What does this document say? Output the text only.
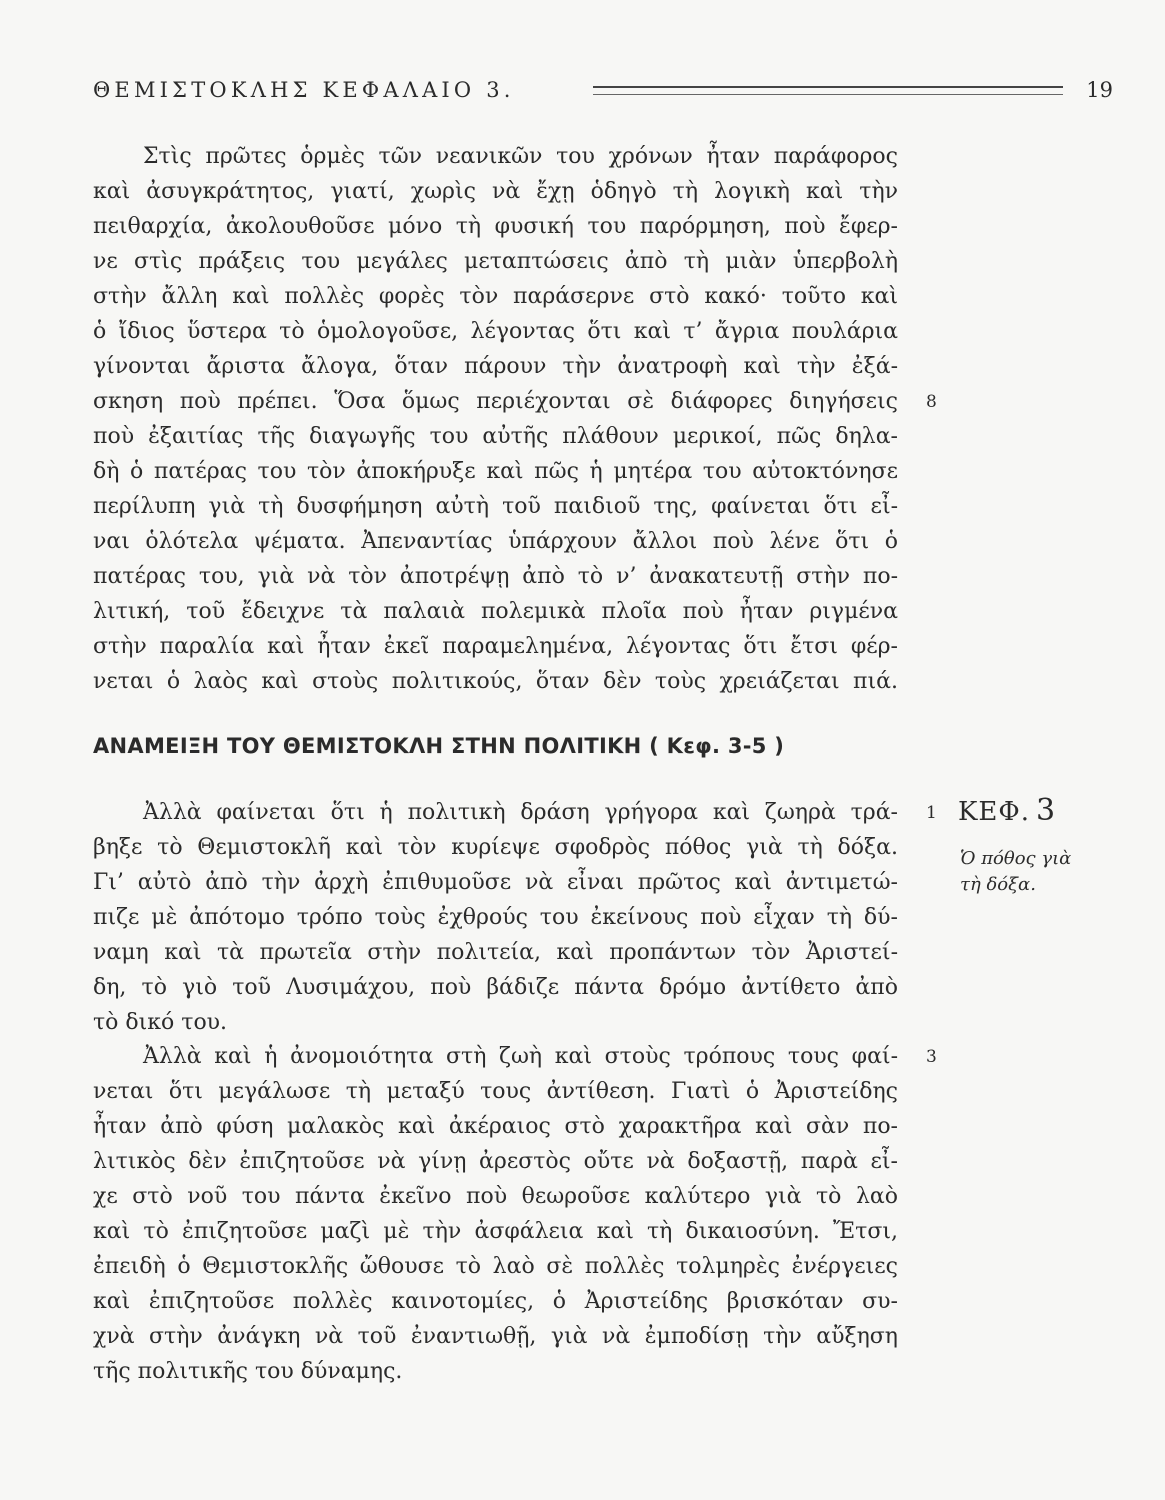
ΘΕΜΙΣΤΟΚΛΗΣ ΚΕΦΑΛΑΙΟ 3.	19
Στὶς πρῶτες ὁρμὲς τῶν νεανικῶν του χρόνων ἦταν παράφορος
καὶ ἀσυγκράτητος, γιατί, χωρὶς νὰ ἔχῃ ὁδηγὸ τὴ λογικὴ καὶ τὴν
πειθαρχία, ἀκολουθοῦσε μόνο τὴ φυσική του παρόρμηση, ποὺ ἔφερ-
νε στὶς πράξεις του μεγάλες μεταπτώσεις ἀπὸ τὴ μιὰν ὑπερβολὴ
στὴν ἄλλη καὶ πολλὲς φορὲς τὸν παράσερνε στὸ κακό· τοῦτο καὶ
ὁ ἴδιος ὕστερα τὸ ὁμολογοῦσε, λέγοντας ὅτι καὶ τ’ ἄγρια πουλάρια
γίνονται ἄριστα ἄλογα, ὅταν πάρουν τὴν ἀνατροφὴ καὶ τὴν ἐξά-
σκηση ποὺ πρέπει. Ὅσα ὅμως περιέχονται σὲ διάφορες διηγήσεις
ποὺ ἐξαιτίας τῆς διαγωγῆς του αὐτῆς πλάθουν μερικοί, πῶς δηλα-
δὴ ὁ πατέρας του τὸν ἀποκήρυξε καὶ πῶς ἡ μητέρα του αὐτοκτόνησε
περίλυπη γιὰ τὴ δυσφήμηση αὐτὴ τοῦ παιδιοῦ της, φαίνεται ὅτι εἶ-
ναι ὁλότελα ψέματα. Ἀπεναντίας ὑπάρχουν ἄλλοι ποὺ λένε ὅτι ὁ
πατέρας του, γιὰ νὰ τὸν ἀποτρέψῃ ἀπὸ τὸ ν’ ἀνακατευτῇ στὴν πο-
λιτική, τοῦ ἔδειχνε τὰ παλαιὰ πολεμικὰ πλοῖα ποὺ ἦταν ριγμένα
στὴν παραλία καὶ ἦταν ἐκεῖ παραμελημένα, λέγοντας ὅτι ἔτσι φέρ-
νεται ὁ λαὸς καὶ στοὺς πολιτικούς, ὅταν δὲν τοὺς χρειάζεται πιά.
8
ΑΝΑΜΕΙΞΗ ΤΟΥ ΘΕΜΙΣΤΟΚΛΗ ΣΤΗΝ ΠΟΛΙΤΙΚΗ ( Κεφ. 3-5 )
Ἀλλὰ φαίνεται ὅτι ἡ πολιτικὴ δράση γρήγορα καὶ ζωηρὰ τρά-
βηξε τὸ Θεμιστοκλῆ καὶ τὸν κυρίεψε σφοδρὸς πόθος γιὰ τὴ δόξα.
Γι’ αὐτὸ ἀπὸ τὴν ἀρχὴ ἐπιθυμοῦσε νὰ εἶναι πρῶτος καὶ ἀντιμετώ-
πιζε μὲ ἀπότομο τρόπο τοὺς ἐχθρούς του ἐκείνους ποὺ εἶχαν τὴ δύ-
ναμη καὶ τὰ πρωτεῖα στὴν πολιτεία, καὶ προπάντων τὸν Ἀριστεί-
δη, τὸ γιὸ τοῦ Λυσιμάχου, ποὺ βάδιζε πάντα δρόμο ἀντίθετο ἀπὸ
τὸ δικό του.
1
Ἀλλὰ καὶ ἡ ἀνομοιότητα στὴ ζωὴ καὶ στοὺς τρόπους τους φαί-
νεται ὅτι μεγάλωσε τὴ μεταξύ τους ἀντίθεση. Γιατὶ ὁ Ἀριστείδης
ἦταν ἀπὸ φύση μαλακὸς καὶ ἀκέραιος στὸ χαρακτῆρα καὶ σὰν πο-
λιτικὸς δὲν ἐπιζητοῦσε νὰ γίνῃ ἀρεστὸς οὔτε νὰ δοξαστῇ, παρὰ εἶ-
χε στὸ νοῦ του πάντα ἐκεῖνο ποὺ θεωροῦσε καλύτερο γιὰ τὸ λαὸ
καὶ τὸ ἐπιζητοῦσε μαζὶ μὲ τὴν ἀσφάλεια καὶ τὴ δικαιοσύνη. Ἔτσι,
ἐπειδὴ ὁ Θεμιστοκλῆς ὤθουσε τὸ λαὸ σὲ πολλὲς τολμηρὲς ἐνέργειες
καὶ ἐπιζητοῦσε πολλὲς καινοτομίες, ὁ Ἀριστείδης βρισκόταν συ-
χνὰ στὴν ἀνάγκη νὰ τοῦ ἐναντιωθῇ, γιὰ νὰ ἐμποδίσῃ τὴν αὔξηση
τῆς πολιτικῆς του δύναμης.
3
ΚΕΦ. 3
Ὁ πόθος γιὰ
τὴ δόξα.
